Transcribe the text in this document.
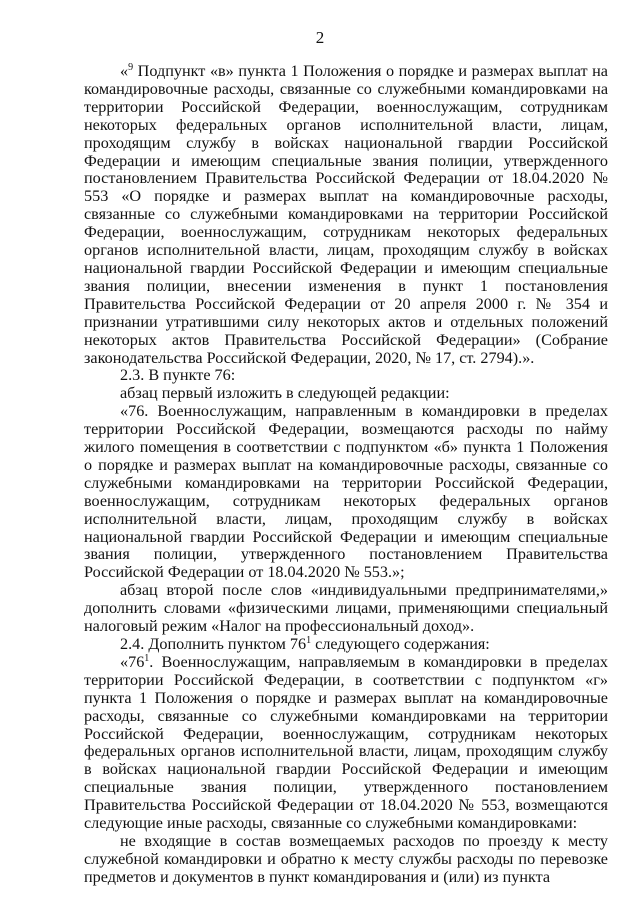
2

«$^9$ Подпункт «в» пункта 1 Положения о порядке и размерах выплат на командировочные расходы, связанные со служебными командировками на территории Российской Федерации, военнослужащим, сотрудникам некоторых федеральных органов исполнительной власти, лицам, проходящим службу в войсках национальной гвардии Российской Федерации и имеющим специальные звания полиции, утвержденного постановлением Правительства Российской Федерации от 18.04.2020 № 553 «О порядке и размерах выплат на командировочные расходы, связанные со служебными командировками на территории Российской Федерации, военнослужащим, сотрудникам некоторых федеральных органов исполнительной власти, лицам, проходящим службу в войсках национальной гвардии Российской Федерации и имеющим специальные звания полиции, внесении изменения в пункт 1 постановления Правительства Российской Федерации от 20 апреля 2000 г. № 354 и признании утратившими силу некоторых актов и отдельных положений некоторых актов Правительства Российской Федерации» (Собрание законодательства Российской Федерации, 2020, № 17, ст. 2794).».

2.3. В пункте 76:

абзац первый изложить в следующей редакции:

«76. Военнослужащим, направленным в командировки в пределах территории Российской Федерации, возмещаются расходы по найму жилого помещения в соответствии с подпунктом «б» пункта 1 Положения о порядке и размерах выплат на командировочные расходы, связанные со служебными командировками на территории Российской Федерации, военнослужащим, сотрудникам некоторых федеральных органов исполнительной власти, лицам, проходящим службу в войсках национальной гвардии Российской Федерации и имеющим специальные звания полиции, утвержденного постановлением Правительства Российской Федерации от 18.04.2020 № 553.»;

абзац второй после слов «индивидуальными предпринимателями,» дополнить словами «физическими лицами, применяющими специальный налоговый режим «Налог на профессиональный доход».

2.4. Дополнить пунктом $76^1$ следующего содержания:

«$76^1$. Военнослужащим, направляемым в командировки в пределах территории Российской Федерации, в соответствии с подпунктом «г» пункта 1 Положения о порядке и размерах выплат на командировочные расходы, связанные со служебными командировками на территории Российской Федерации, военнослужащим, сотрудникам некоторых федеральных органов исполнительной власти, лицам, проходящим службу в войсках национальной гвардии Российской Федерации и имеющим специальные звания полиции, утвержденного постановлением Правительства Российской Федерации от 18.04.2020 № 553, возмещаются следующие иные расходы, связанные со служебными командировками:

не входящие в состав возмещаемых расходов по проезду к месту служебной командировки и обратно к месту службы расходы по перевозке предметов и документов в пункт командирования и (или) из пункта
